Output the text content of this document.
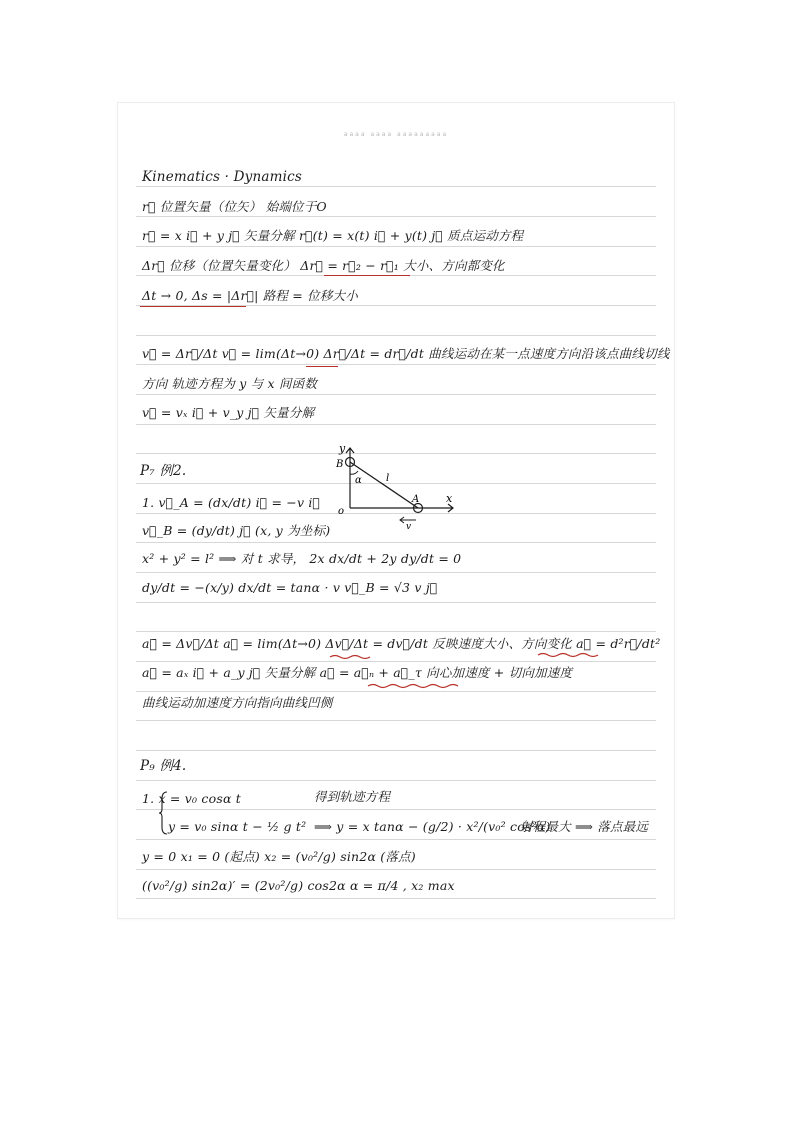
aaaa aaaa aaaaaaaaa
Kinematics · Dynamics
r⃗ 位置矢量（位矢） 始端位于O
r⃗ = x i⃗ + y j⃗ 矢量分解 r⃗(t) = x(t) i⃗ + y(t) j⃗ 质点运动方程
Δr⃗ 位移（位置矢量变化） Δr⃗ = r⃗₂ − r⃗₁ 大小、方向都变化
Δt → 0, Δs = |Δr⃗| 路程 = 位移大小
v⃗̄ = Δr⃗/Δt v⃗ = lim(Δt→0) Δr⃗/Δt = dr⃗/dt 曲线运动在某一点速度方向沿该点曲线切线
方向 轨迹方程为 y 与 x 间函数
v⃗ = vₓ i⃗ + v_y j⃗ 矢量分解
P₇ 例2.
1. v⃗_A = (dx/dt) i⃗ = −v i⃗
v⃗_B = (dy/dt) j⃗ (x, y 为坐标)
x² + y² = l² ⟹ 对 t 求导， 2x dx/dt + 2y dy/dt = 0
dy/dt = −(x/y) dx/dt = tanα · v v⃗_B = √3 v j⃗
y
x
B
A
o
α l
v
a⃗̄ = Δv⃗/Δt a⃗ = lim(Δt→0) Δv⃗/Δt = dv⃗/dt 反映速度大小、方向变化 a⃗ = d²r⃗/dt²
a⃗ = aₓ i⃗ + a_y j⃗ 矢量分解 a⃗ = a⃗ₙ + a⃗_τ 向心加速度 + 切向加速度
曲线运动加速度方向指向曲线凹侧
P₉ 例4.
1. x = v₀ cosα t	得到轨迹方程
y = v₀ sinα t − ½ g t² ⟹ y = x tanα − (g/2) · x²/(v₀² cos²α)
射程最大 ⟹ 落点最远
y = 0 x₁ = 0 (起点) x₂ = (v₀²/g) sin2α (落点)
((v₀²/g) sin2α)′ = (2v₀²/g) cos2α α = π/4 , x₂ max
